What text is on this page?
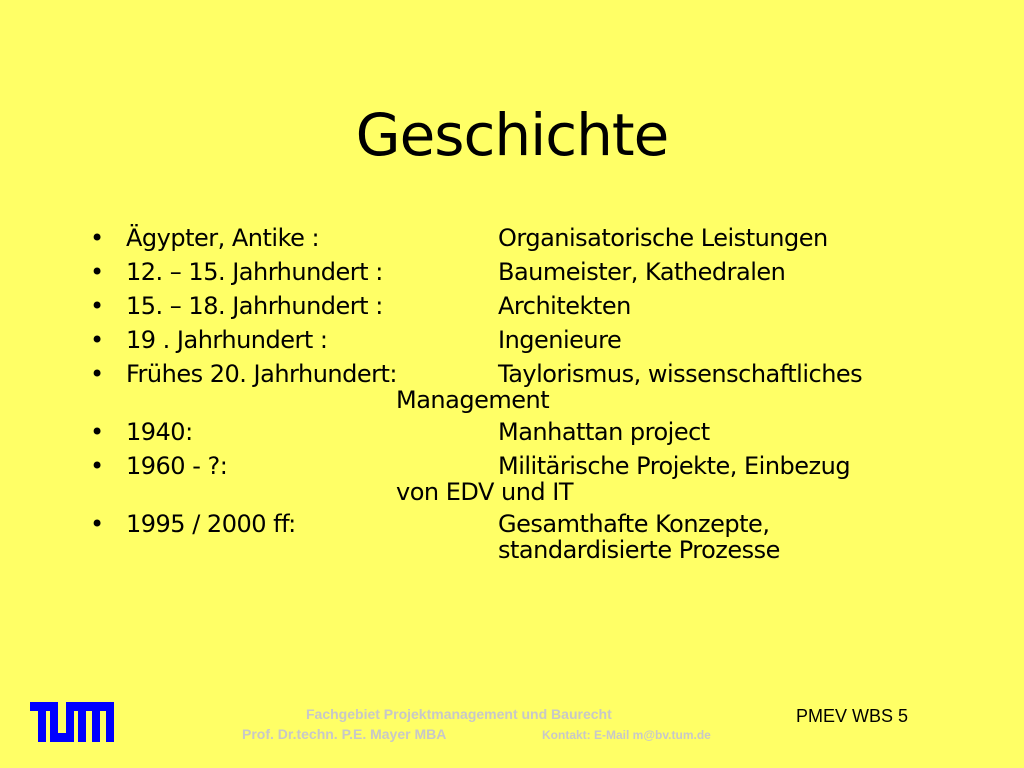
Geschichte
• Ägypter, Antike :	Organisatorische Leistungen
• 12. – 15. Jahrhundert :	Baumeister, Kathedralen
• 15. – 18. Jahrhundert :	Architekten
• 19 . Jahrhundert :	Ingenieure
• Frühes 20. Jahrhundert:	Taylorismus, wissenschaftliches
Management
• 1940:	Manhattan project
• 1960 - ?:	Militärische Projekte, Einbezug
von EDV und IT
• 1995 / 2000 ff:	Gesamthafte Konzepte,
standardisierte Prozesse
Fachgebiet Projektmanagement und Baurecht
Prof. Dr.techn. P.E. Mayer MBA	Kontakt: E-Mail m@bv.tum.de
PMEV WBS 5
